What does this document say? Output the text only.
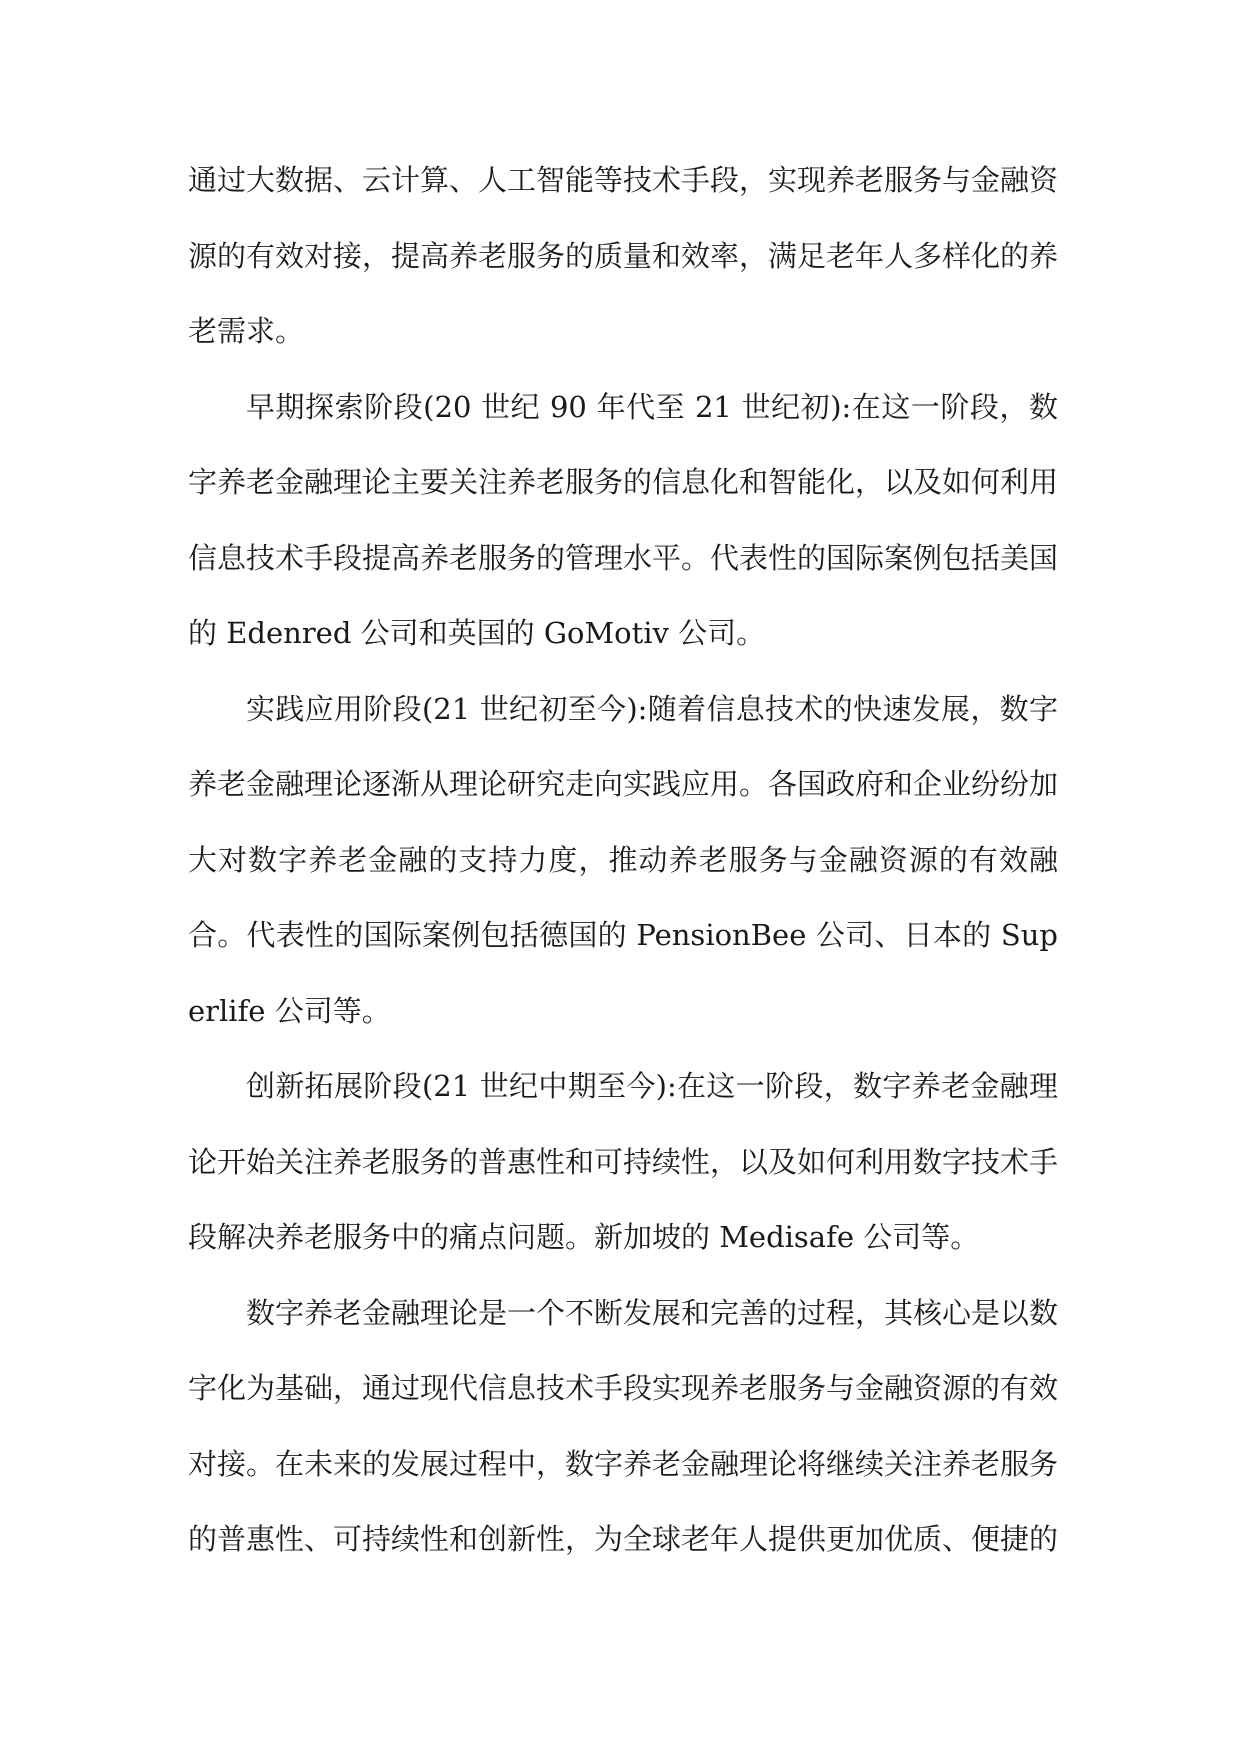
通过大数据、云计算、人工智能等技术手段，实现养老服务与金融资源的有效对接，提高养老服务的质量和效率，满足老年人多样化的养老需求。

早期探索阶段(20 世纪 90 年代至 21 世纪初):在这一阶段，数字养老金融理论主要关注养老服务的信息化和智能化，以及如何利用信息技术手段提高养老服务的管理水平。代表性的国际案例包括美国的 Edenred 公司和英国的 GoMotiv 公司。

实践应用阶段(21 世纪初至今):随着信息技术的快速发展，数字养老金融理论逐渐从理论研究走向实践应用。各国政府和企业纷纷加大对数字养老金融的支持力度，推动养老服务与金融资源的有效融合。代表性的国际案例包括德国的 PensionBee 公司、日本的 Superlife 公司等。

创新拓展阶段(21 世纪中期至今):在这一阶段，数字养老金融理论开始关注养老服务的普惠性和可持续性，以及如何利用数字技术手段解决养老服务中的痛点问题。新加坡的 Medisafe 公司等。

数字养老金融理论是一个不断发展和完善的过程，其核心是以数字化为基础，通过现代信息技术手段实现养老服务与金融资源的有效对接。在未来的发展过程中，数字养老金融理论将继续关注养老服务的普惠性、可持续性和创新性，为全球老年人提供更加优质、便捷的
